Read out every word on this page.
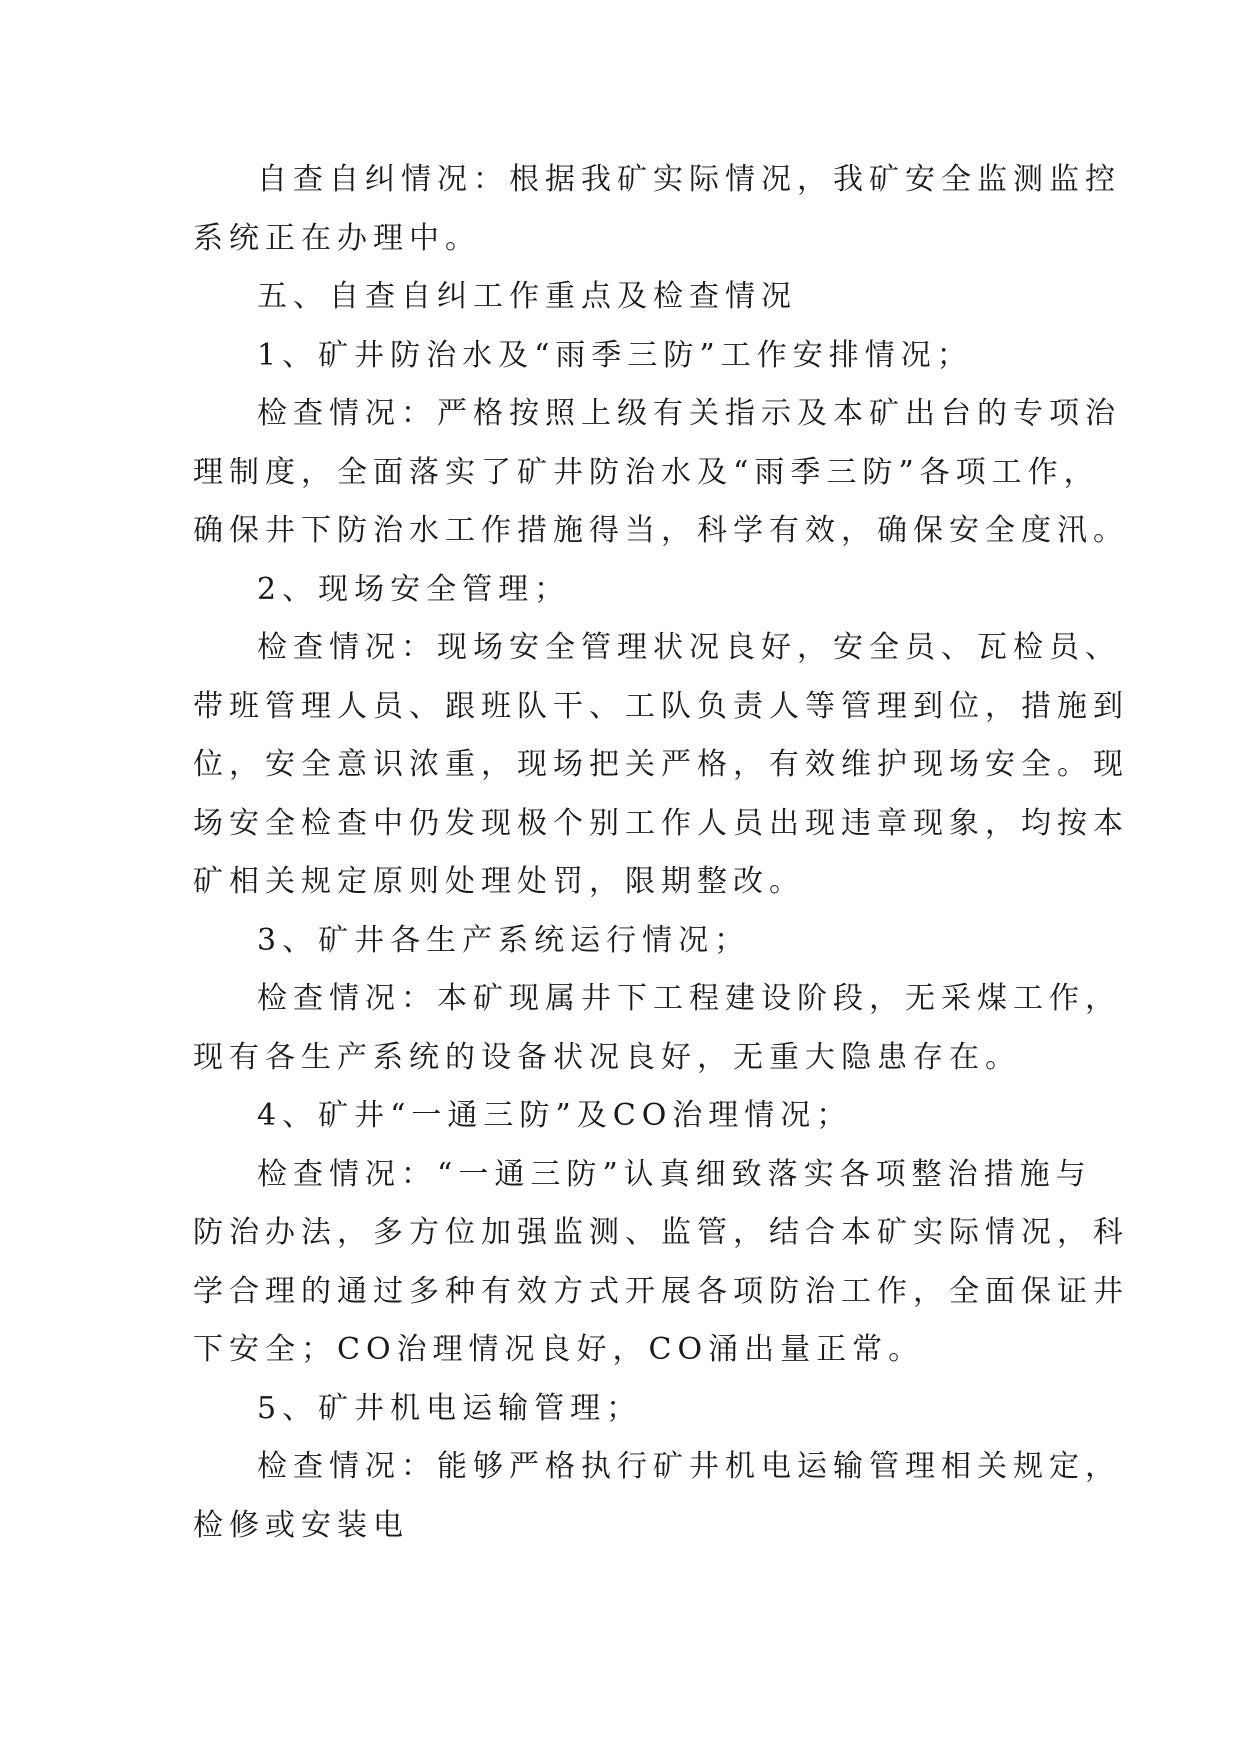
自查自纠情况：根据我矿实际情况，我矿安全监测监控
系统正在办理中。
五、自查自纠工作重点及检查情况
1、矿井防治水及“雨季三防”工作安排情况；
检查情况：严格按照上级有关指示及本矿出台的专项治
理制度，全面落实了矿井防治水及“雨季三防”各项工作，
确保井下防治水工作措施得当，科学有效，确保安全度汛。
2、现场安全管理；
检查情况：现场安全管理状况良好，安全员、瓦检员、
带班管理人员、跟班队干、工队负责人等管理到位，措施到
位，安全意识浓重，现场把关严格，有效维护现场安全。现
场安全检查中仍发现极个别工作人员出现违章现象，均按本
矿相关规定原则处理处罚，限期整改。
3、矿井各生产系统运行情况；
检查情况：本矿现属井下工程建设阶段，无采煤工作，
现有各生产系统的设备状况良好，无重大隐患存在。
4、矿井“一通三防”及CO治理情况；
检查情况：“一通三防”认真细致落实各项整治措施与
防治办法，多方位加强监测、监管，结合本矿实际情况，科
学合理的通过多种有效方式开展各项防治工作，全面保证井
下安全；CO治理情况良好，CO涌出量正常。
5、矿井机电运输管理；
检查情况：能够严格执行矿井机电运输管理相关规定，
检修或安装电
